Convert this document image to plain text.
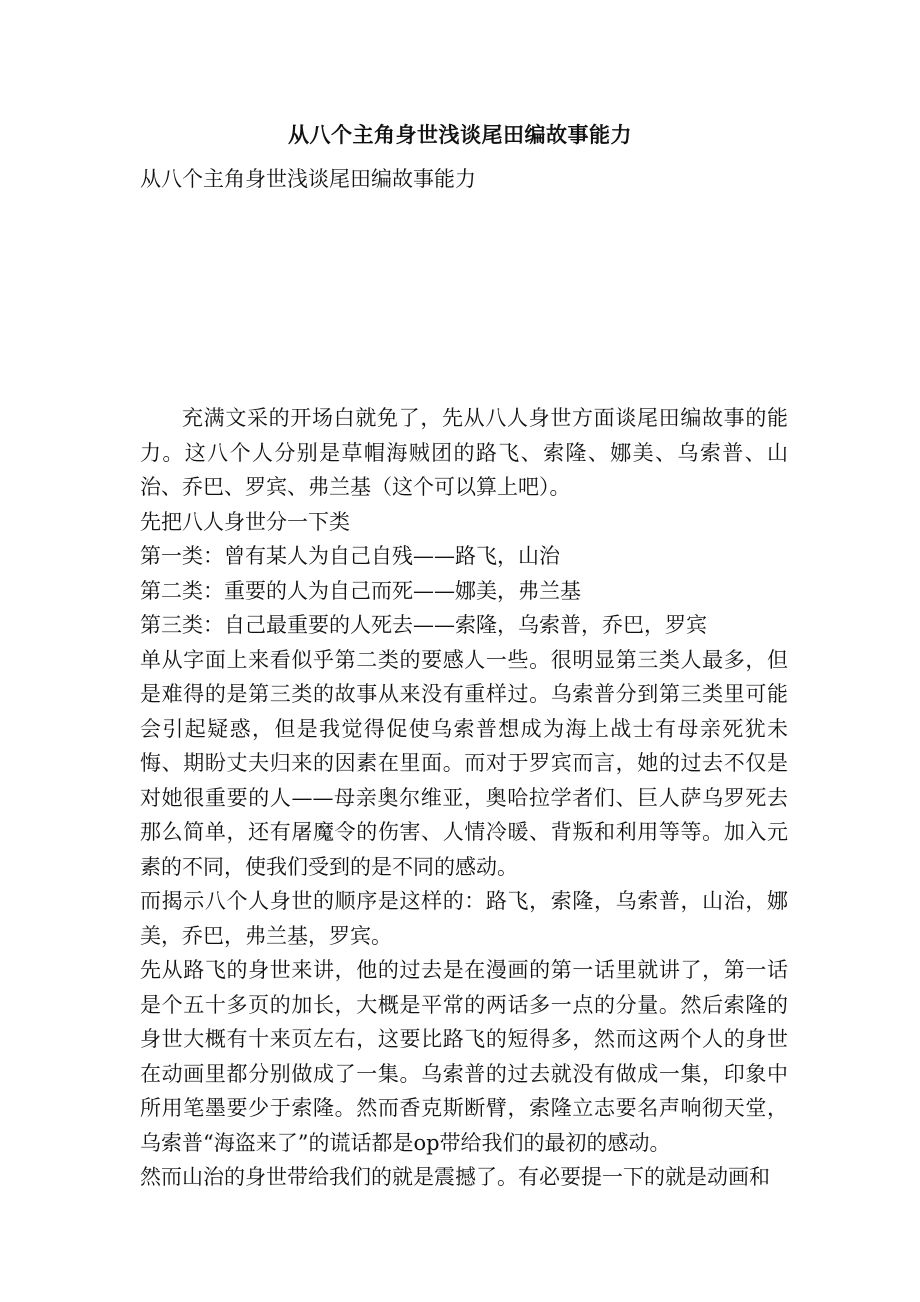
从八个主角身世浅谈尾田编故事能力
从八个主角身世浅谈尾田编故事能力

充满文采的开场白就免了，先从八人身世方面谈尾田编故事的能力。这八个人分别是草帽海贼团的路飞、索隆、娜美、乌索普、山治、乔巴、罗宾、弗兰基（这个可以算上吧）。

先把八人身世分一下类

第一类：曾有某人为自己自残——路飞，山治

第二类：重要的人为自己而死——娜美，弗兰基

第三类：自己最重要的人死去——索隆，乌索普，乔巴，罗宾

单从字面上来看似乎第二类的要感人一些。很明显第三类人最多，但是难得的是第三类的故事从来没有重样过。乌索普分到第三类里可能会引起疑惑，但是我觉得促使乌索普想成为海上战士有母亲死犹未悔、期盼丈夫归来的因素在里面。而对于罗宾而言，她的过去不仅是对她很重要的人——母亲奥尔维亚，奥哈拉学者们、巨人萨乌罗死去那么简单，还有屠魔令的伤害、人情冷暖、背叛和利用等等。加入元素的不同，使我们受到的是不同的感动。

而揭示八个人身世的顺序是这样的：路飞，索隆，乌索普，山治，娜美，乔巴，弗兰基，罗宾。

先从路飞的身世来讲，他的过去是在漫画的第一话里就讲了，第一话是个五十多页的加长，大概是平常的两话多一点的分量。然后索隆的身世大概有十来页左右，这要比路飞的短得多，然而这两个人的身世在动画里都分别做成了一集。乌索普的过去就没有做成一集，印象中所用笔墨要少于索隆。然而香克斯断臂，索隆立志要名声响彻天堂，乌索普“海盗来了”的谎话都是op带给我们的最初的感动。

然而山治的身世带给我们的就是震撼了。有必要提一下的就是动画和
